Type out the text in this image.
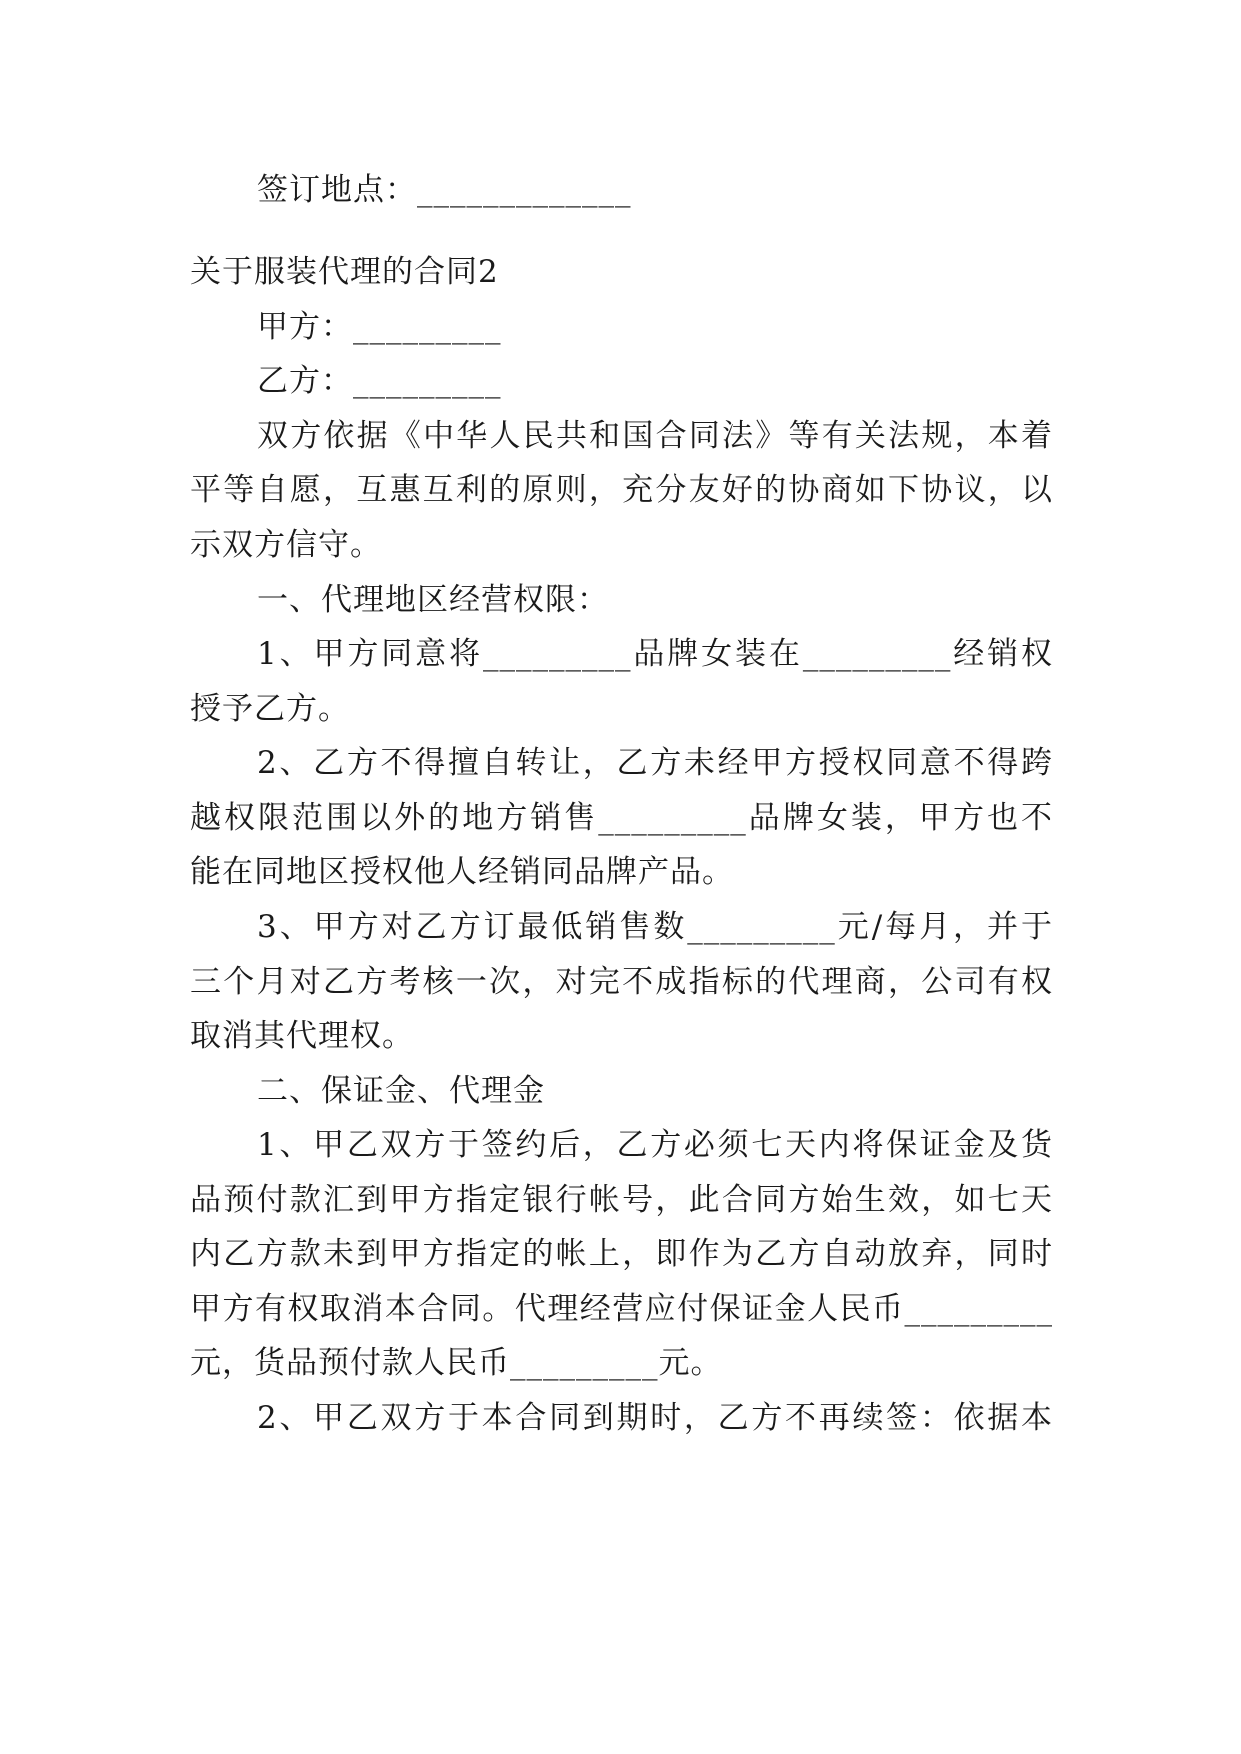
签订地点：_____________
关于服装代理的合同2
甲方：_________
乙方：_________
双方依据《中华人民共和国合同法》等有关法规，本着
平等自愿，互惠互利的原则，充分友好的协商如下协议，以
示双方信守。
一、代理地区经营权限：
1、甲方同意将_________品牌女装在_________经销权
授予乙方。
2、乙方不得擅自转让，乙方未经甲方授权同意不得跨
越权限范围以外的地方销售_________品牌女装，甲方也不
能在同地区授权他人经销同品牌产品。
3、甲方对乙方订最低销售数_________元/每月，并于
三个月对乙方考核一次，对完不成指标的代理商，公司有权
取消其代理权。
二、保证金、代理金
1、甲乙双方于签约后，乙方必须七天内将保证金及货
品预付款汇到甲方指定银行帐号，此合同方始生效，如七天
内乙方款未到甲方指定的帐上，即作为乙方自动放弃，同时
甲方有权取消本合同。代理经营应付保证金人民币_________
元，货品预付款人民币_________元。
2、甲乙双方于本合同到期时，乙方不再续签：依据本
